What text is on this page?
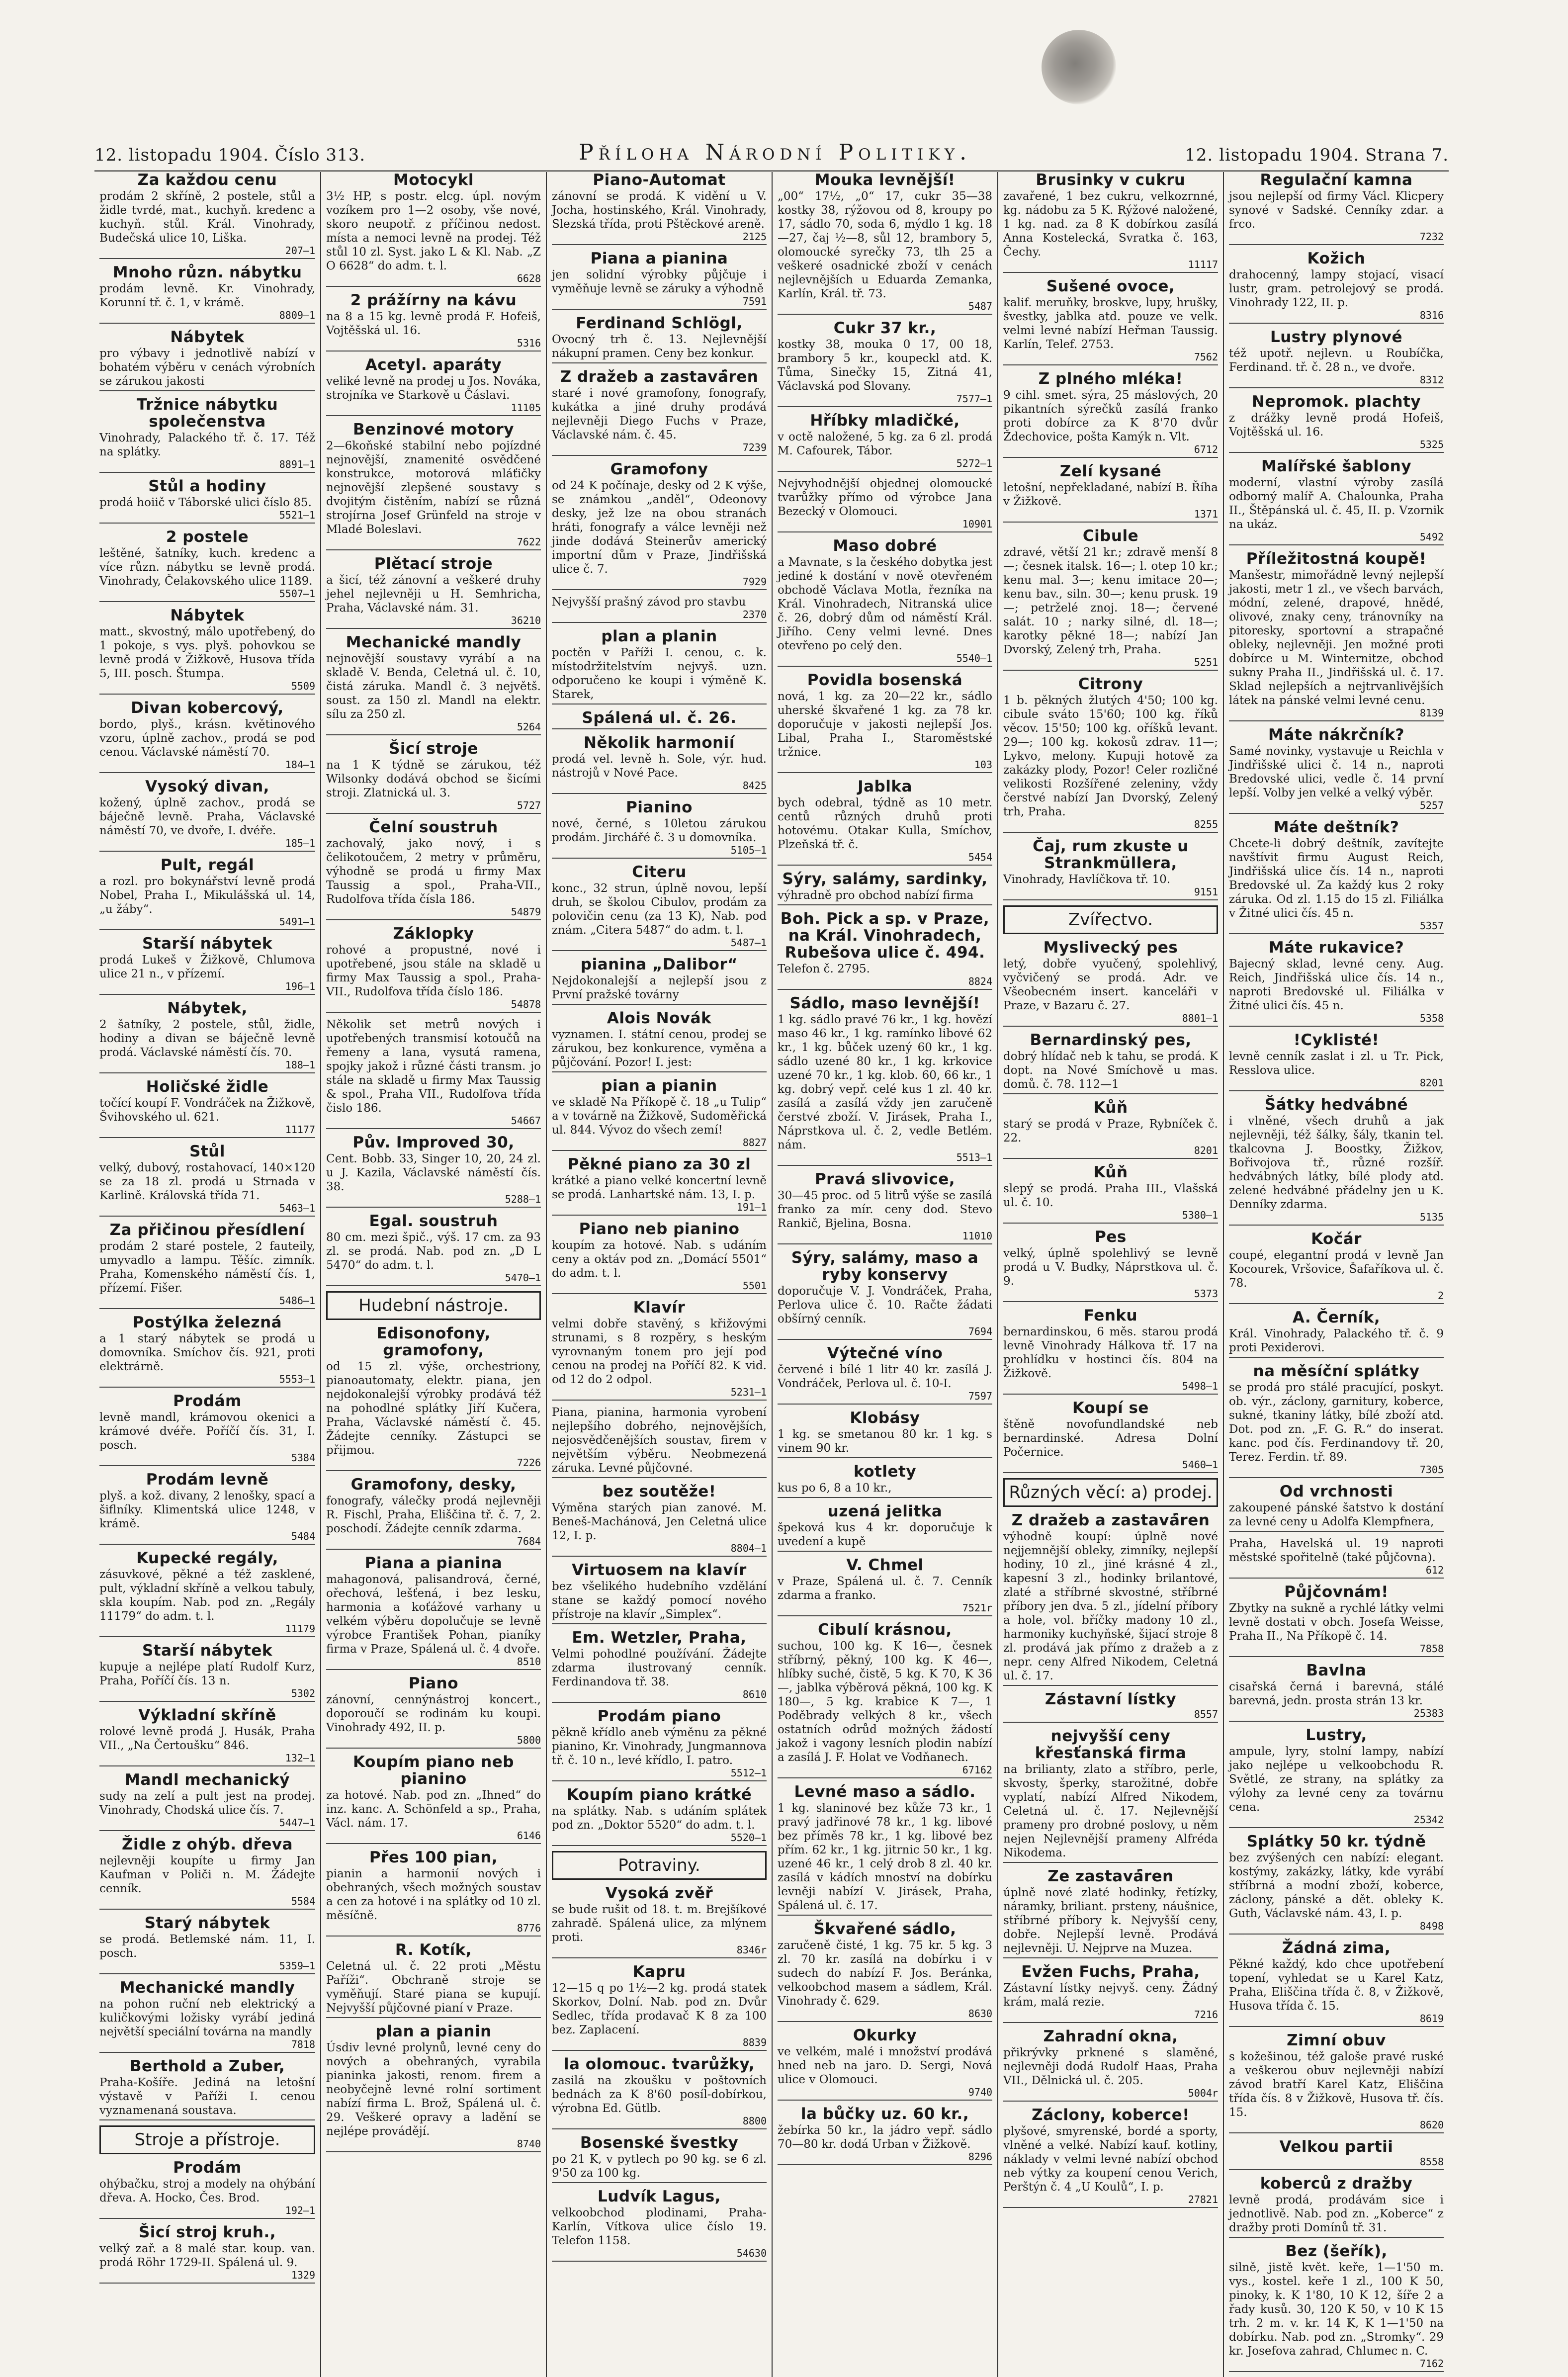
12. listopadu 1904. Číslo 313.	Příloha Národní Politiky.	12. listopadu 1904. Strana 7.
Za každou cenu

prodám 2 skříně, 2 postele, stůl a židle tvrdé, mat., kuchyň. kredenc a kuchyň. stůl. Král. Vinohrady, Budečská ulice 10, Liška.

207—1
Mnoho různ. nábytku

prodám levně. Kr. Vinohrady, Korunní tř. č. 1, v krámě.

8809—1
Nábytek

pro výbavy i jednotlivě nabízí v bohatém výběru v cenách výrobních se zárukou jakosti

Tržnice nábytku společenstva

Vinohrady, Palackého tř. č. 17. Též na splátky.

8891—1
Stůl a hodiny

prodá hoiič v Táborské ulici číslo 85.

5521—1
2 postele

leštěné, šatníky, kuch. kredenc a více různ. nábytku se levně prodá. Vinohrady, Čelakovského ulice 1189.

5507—1
Nábytek

matt., skvostný, málo upotřebený, do 1 pokoje, s vys. plyš. pohovkou se levně prodá v Žižkově, Husova třída 5, III. posch. Štumpa.

5509
Divan kobercový,

bordo, plyš., krásn. květinového vzoru, úplně zachov., prodá se pod cenou. Václavské náměstí 70.

184—1
Vysoký divan,

kožený, úplně zachov., prodá se báječně levně. Praha, Václavské náměstí 70, ve dvoře, I. dvéře.

185—1
Pult, regál

a rozl. pro bokynářství levně prodá Nobel, Praha I., Mikulášská ul. 14, „u žáby“.

5491—1
Starší nábytek

prodá Lukeš v Žižkově, Chlumova ulice 21 n., v přízemí.

196—1
Nábytek,

2 šatníky, 2 postele, stůl, židle, hodiny a divan se báječně levně prodá. Václavské náměstí čís. 70.

188—1
Holičské židle

točící koupí F. Vondráček na Žižkově, Švihovského ul. 621.

11177
Stůl

velký, dubový, rostahovací, 140×120 se za 18 zl. prodá u Strnada v Karlině. Královská třída 71.

5463—1
Za přičinou přesídlení

prodám 2 staré postele, 2 fauteily, umyvadlo a lampu. Těšíc. zimník. Praha, Komenského náměstí čís. 1, přízemí. Fišer.

5486—1
Postýlka železná

a 1 starý nábytek se prodá u domovníka. Smíchov čís. 921, proti elektrárně.

5553—1
Prodám

levně mandl, krámovou okenici a krámové dvéře. Poříčí čís. 31, I. posch.

5384
Prodám levně

plyš. a kož. divany, 2 lenošky, spací a šiflníky. Klimentská ulice 1248, v krámě.

5484
Kupecké regály,

zásuvkové, pěkné a též zasklené, pult, výkladní skříně a velkou tabuly, skla koupím. Nab. pod zn. „Regály 11179“ do adm. t. l.

11179
Starší nábytek

kupuje a nejlépe platí Rudolf Kurz, Praha, Poříčí čís. 13 n.

5302
Výkladní skříně

rolové levně prodá J. Husák, Praha VII., „Na Čertoušku“ 846.

132—1
Mandl mechanický

sudy na zelí a pult jest na prodej. Vinohrady, Chodská ulice čís. 7.

5447—1
Židle z ohýb. dřeva

nejlevněji koupíte u firmy Jan Kaufman v Poliči n. M. Žádejte cenník.

5584
Starý nábytek

se prodá. Betlemské nám. 11, I. posch.

5359—1
Mechanické mandly

na pohon ruční neb elektrický a kuličkovými ložisky vyrábí jediná největší speciální továrna na mandly

7818
Berthold a Zuber,

Praha-Košíře. Jediná na letošní výstavě v Paříži I. cenou vyznamenaná soustava.

Stroje a přístroje.
Prodám

ohýbačku, stroj a modely na ohýbání dřeva. A. Hocko, Čes. Brod.

192—1
Šicí stroj kruh.,

velký zař. a 8 malé star. koup. van. prodá Röhr 1729-II. Spálená ul. 9.

1329
Motocykl

3½ HP, s postr. elcg. úpl. novým vozíkem pro 1—2 osoby, vše nové, skoro neupotř. z příčinou nedost. místa a nemoci levně na prodej. Též stůl 10 zl. Syst. jako L & Kl. Nab. „Z O 6628“ do adm. t. l.

6628
2 prážírny na kávu

na 8 a 15 kg. levně prodá F. Hofeiš, Vojtěšská ul. 16.

5316
Acetyl. aparáty

veliké levně na prodej u Jos. Nováka, strojníka ve Starkově u Čáslavi.

11105
Benzinové motory

2—6koňské stabilní nebo pojízdné nejnovější, znamenité osvědčené konstrukce, motorová mláťičky nejnovější zlepšené soustavy s dvojitým čistěním, nabízí se různá strojírna Josef Grünfeld na stroje v Mladé Boleslavi.

7622
Plětací stroje

a šicí, též zánovní a veškeré druhy jehel nejlevněji u H. Semhricha, Praha, Václavské nám. 31.

36210
Mechanické mandly

nejnovější soustavy vyrábí a na skladě V. Benda, Celetná ul. č. 10, čistá záruka. Mandl č. 3 největš. soust. za 150 zl. Mandl na elektr. sílu za 250 zl.

5264
Šicí stroje

na 1 K týdně se zárukou, též Wilsonky dodává obchod se šicími stroji. Zlatnická ul. 3.

5727
Čelní soustruh

zachovalý, jako nový, i s čelikotoučem, 2 metry v průměru, výhodně se prodá u firmy Max Taussig a spol., Praha-VII., Rudolfova třída čísla 186.

54879
Záklopky

rohové a propustné, nové i upotřebené, jsou stále na skladě u firmy Max Taussig a spol., Praha-VII., Rudolfova třída číslo 186.

54878

Několik set metrů nových i upotřebených transmisí kotoučů na řemeny a lana, vysutá ramena, spojky jakož i různé části transm. jo stále na skladě u firmy Max Taussig & spol., Praha VII., Rudolfova třída čislo 186.

54667
Pův. Improved 30,

Cent. Bobb. 33, Singer 10, 20, 24 zl. u J. Kazila, Václavské náměstí čís. 38.

5288—1
Egal. soustruh

80 cm. mezi špič., výš. 17 cm. za 93 zl. se prodá. Nab. pod zn. „D L 5470“ do adm. t. l.

5470—1
Hudební nástroje.
Edisonofony, gramofony,

od 15 zl. výše, orchestriony, pianoautomaty, elektr. piana, jen nejdokonalejší výrobky prodává též na pohodlné splátky Jiří Kučera, Praha, Václavské náměstí č. 45. Žádejte cenníky. Zástupci se přijmou.

7226
Gramofony, desky,

fonografy, válečky prodá nejlevněji R. Fischl, Praha, Eliščina tř. č. 7, 2. poschodí. Žádejte cenník zdarma.

7684
Piana a pianina

mahagonová, palisandrová, černé, ořechová, lešťená, i bez lesku, harmonia a koťážové varhany u velkém výběru dopolučuje se levně výrobce František Pohan, pianíky firma v Praze, Spálená ul. č. 4 dvoře.

8510
Piano

zánovní, cennýnástroj koncert., doporoučí se rodinám ku koupi. Vinohrady 492, II. p.

5800
Koupím piano neb pianino

za hotové. Nab. pod zn. „Ihned“ do inz. kanc. A. Schönfeld a sp., Praha, Václ. nám. 17.

6146
Přes 100 pian,

pianin a harmonií nových i obehraných, všech možných soustav a cen za hotové i na splátky od 10 zl. měsíčně.

8776
R. Kotík,

Celetná ul. č. 22 proti „Městu Paříži“. Obchraně stroje se vyměňují. Staré piana se kupují. Nejvyšší půjčovné pianí v Praze.

plan a pianin

Úsdiv levné prolynů, levné ceny do nových a obehraných, vyrabila pianinka jakosti, renom. firem a neobyčejně levné rolní sortiment nabízí firma L. Brož, Spálená ul. č. 29. Veškeré opravy a ladění se nejlépe provádějí.

8740
Piano-Automat

zánovní se prodá. K vidění u V. Jocha, hostinského, Král. Vinohrady, Slezská třída, proti Pštěckové areně.

2125
Piana a pianina

jen solidní výrobky půjčuje i vyměňuje levně se záruky a výhodně

7591
Ferdinand Schlögl,

Ovocný trh č. 13. Nejlevnější nákupní pramen. Ceny bez konkur.

Z dražeb a zastavá̈ren

staré i nové gramofony, fonografy, kukátka a jiné druhy prodává nejlevněji Diego Fuchs v Praze, Václavské nám. č. 45.

7239
Gramofony

od 24 K počínaje, desky od 2 K výše, se známkou „anděl“, Odeonovy desky, jež lze na obou stranách hráti, fonografy a válce levněji než jinde dodává Steinerův americký importní dům v Praze, Jindřišská ulice č. 7.

7929

Nejvyšší prašný závod pro stavbu

2370
plan a planin

poctěn v Paříži I. cenou, c. k. místodržitelstvím nejvyš. uzn. odporučeno ke koupi i výměně K. Starek,

Spálená ul. č. 26.
Několik harmonií

prodá vel. levně h. Sole, výr. hud. nástrojů v Nové Pace.

8425
Pianino

nové, černé, s 10letou zárukou prodám. Jirchářé č. 3 u domovníka.

5105—1
Citeru

konc., 32 strun, úplně novou, lepší druh, se školou Cibulov, prodám za polovičin cenu (za 13 K), Nab. pod znám. „Citera 5487“ do adm. t. l.

5487—1
pianina „Dalibor“

Nejdokonalejší a nejlepší jsou z První pražské továrny

Alois Novák

vyznamen. I. státní cenou, prodej se zárukou, bez konkurence, vyměna a půjčování. Pozor! I. jest:

pian a pianin

ve skladě Na Příkopě č. 18 „u Tulip“ a v továrně na Žižkově, Sudoměřická ul. 844. Vývoz do všech zemí!

8827
Pěkné piano za 30 zl

krátké a piano velké koncertní levně se prodá. Lanhartské nám. 13, I. p.

191—1
Piano neb pianino

koupím za hotové. Nab. s udáním ceny a oktáv pod zn. „Domácí 5501“ do adm. t. l.

5501
Klavír

velmi dobře stavěný, s křižovými strunami, s 8 rozpěry, s heským vyrovnaným tonem pro její pod cenou na prodej na Poříčí 82. K vid. od 12 do 2 odpol.

5231—1

Piana, pianina, harmonia vyrobení nejlepšího dobrého, nejnovějších, nejosvědčenějších soustav, firem v největším výběru. Neobmezená záruka. Levné půjčovné.

bez soutěže!

Výměna starých pian zanové. M. Beneš-Machánová, Jen Celetná ulice 12, I. p.

8804—1
Virtuosem na klavír

bez všelikého hudebního vzdělání stane se každý pomocí nového přístroje na klavír „Simplex“.

Em. Wetzler, Praha,

Velmi pohodlné používání. Žádejte zdarma ilustrovaný cenník. Ferdinandova tř. 38.

8610
Prodám piano

pěkně křídlo aneb výměnu za pěkné pianino, Kr. Vinohrady, Jungmannova tř. č. 10 n., levé křídlo, I. patro.

5512—1
Koupím piano krátké

na splátky. Nab. s udáním splátek pod zn. „Doktor 5520“ do adm. t. l.

5520—1
Potraviny.
Vysoká zvěř

se bude rušit od 18. t. m. Brejšíkové zahradě. Spálená ulice, za mlýnem proti.

8346r
Kapru

12—15 q po 1½—2 kg. prodá statek Skorkov, Dolní. Nab. pod zn. Dvůr Sedlec, třída prodavač K 8 za 100 bez. Zaplacení.

8839
la olomouc. tvarůžky,

zasilá na zkoušku v poštovních bednách za K 8'60 posíl-dobírkou, výrobna Ed. Gütlb.

8800
Bosenské švestky

po 21 K, v pytlech po 90 kg. se 6 zl. 9'50 za 100 kg.

Ludvík Lagus,

velkoobchod plodinami, Praha-Karlín, Vítkova ulice číslo 19. Telefon 1158.

54630
Mouka levnější!

„00“ 17½, „0“ 17, cukr 35—38 kostky 38, rýžovou od 8, kroupy po 17, sádlo 70, soda 6, mýdlo 1 kg. 18—27, čaj ½—8, sůl 12, brambory 5, olomoucké syrečky 73, tlh 25 a veškeré osadnické zboží v cenách nejlevnějších u Eduarda Zemanka, Karlín, Král. tř. 73.

5487
Cukr 37 kr.,

kostky 38, mouka 0 17, 00 18, brambory 5 kr., koupeckl atd. K. Tůma, Sinečky 15, Zitná 41, Václavská pod Slovany.

7577—1
Hříbky mladičké,

v octě naložené, 5 kg. za 6 zl. prodá M. Cafourek, Tábor.

5272—1

Nejvyhodnější objednej olomoucké tvarůžky přímo od výrobce Jana Bezecký v Olomouci.

10901
Maso dobré

a Mavnate, s la českého dobytka jest jediné k dostání v nově otevřeném obchodě Václava Motla, řezníka na Král. Vinohradech, Nitranská ulice č. 26, dobrý dům od náměstí Král. Jiřího. Ceny velmi levné. Dnes otevřeno po celý den.

5540—1
Povidla bosenská

nová, 1 kg. za 20—22 kr., sádlo uherské škvařené 1 kg. za 78 kr. doporučuje v jakosti nejlepší Jos. Libal, Praha I., Staroměstské tržnice.

103
Jablka

bych odebral, týdně as 10 metr. centů různých druhů proti hotovému. Otakar Kulla, Smíchov, Plzeňská tř. č.

5454
Sýry, salámy, sardinky,

výhradně pro obchod nabízí firma

Boh. Pick a sp. v Praze, na Král. Vinohradech, Rubešova ulice č. 494.

Telefon č. 2795.

8824
Sádlo, maso levnější!

1 kg. sádlo pravé 76 kr., 1 kg. hovězí maso 46 kr., 1 kg. ramínko libové 62 kr., 1 kg. bůček uzený 60 kr., 1 kg. sádlo uzené 80 kr., 1 kg. krkovice uzené 70 kr., 1 kg. klob. 60, 66 kr., 1 kg. dobrý vepř. celé kus 1 zl. 40 kr. zasílá a zasílá vždy jen zaručeně čerstvé zboží. V. Jirásek, Praha I., Náprstkova ul. č. 2, vedle Betlém. nám.

5513—1
Pravá slivovice,

30—45 proc. od 5 litrů výše se zasílá franko za mír. ceny dod. Stevo Rankič, Bjelina, Bosna.

11010
Sýry, salámy, maso a ryby konservy

doporučuje V. J. Vondráček, Praha, Perlova ulice č. 10. Račte žádati obšírný cenník.

7694
Výtečné víno

červené i bílé 1 litr 40 kr. zasílá J. Vondráček, Perlova ul. č. 10-I.

7597
Klobásy

1 kg. se smetanou 80 kr. 1 kg. s vinem 90 kr.

kotlety

kus po 6, 8 a 10 kr.,

uzená jelitka

špeková kus 4 kr. doporučuje k uvedení a kupě

V. Chmel

v Praze, Spálená ul. č. 7. Cenník zdarma a franko.

7521r
Cibulí krásnou,

suchou, 100 kg. K 16—, česnek stříbrný, pěkný, 100 kg. K 46—, hlíbky suché, čistě, 5 kg. K 70, K 36—, jablka výběrová pěkná, 100 kg. K 180—, 5 kg. krabice K 7—, 1 Poděbrady velkých 8 kr., všech ostatních odrůd možných žádostí jakož i vagony lesních plodin nabízí a zasílá J. F. Holat ve Vodňanech.

67162
Levné maso a sádlo.

1 kg. slaninové bez kůže 73 kr., 1 pravý jadřinové 78 kr., 1 kg. libové bez příměs 78 kr., 1 kg. libové bez přím. 62 kr., 1 kg. jitrnic 50 kr., 1 kg. uzené 46 kr., 1 celý drob 8 zl. 40 kr. zasílá v kádích mnoství na dobírku levněji nabízí V. Jirásek, Praha, Spálená ul. č. 17.

Škvařené sádlo,

zaručeně čisté, 1 kg. 75 kr. 5 kg. 3 zl. 70 kr. zasílá na dobírku i v sudech do nabízí F. Jos. Beránka, velkoobchod masem a sádlem, Král. Vinohrady č. 629.

8630
Okurky

ve velkém, malé i množství prodává hned neb na jaro. D. Sergi, Nová ulice v Olomouci.

9740
la bůčky uz. 60 kr.,

žebírka 50 kr., la jádro vepř. sádlo 70—80 kr. dodá Urban v Žižkově.

8296
Brusinky v cukru

zavařené, 1 bez cukru, velkozrnné, kg. nádobu za 5 K. Rýžové naložené, 1 kg. nad. za 8 K dobírkou zasílá Anna Kostelecká, Svratka č. 163, Čechy.

11117
Sušené ovoce,

kalif. meruňky, broskve, lupy, hrušky, švestky, jablka atd. pouze ve velk. velmi levné nabízí Heřman Taussig. Karlín, Telef. 2753.

7562
Z plného mléka!

9 cihl. smet. sýra, 25 máslových, 20 pikantních sýrečků zasílá franko proti dobírce za K 8'70 dvůr Ždechovice, pošta Kamýk n. Vlt.

6712
Zelí kysané

letošní, nepřekladané, nabízí B. Říha v Žižkově.

1371
Cibule

zdravé, větší 21 kr.; zdravě menší 8—; česnek italsk. 16—; l. otep 10 kr.; kenu mal. 3—; kenu imitace 20—; kenu bav., siln. 30—; kenu prusk. 19—; petrželé znoj. 18—; červené salát. 10 ; narky silné, dl. 18—; karotky pěkné 18—; nabízí Jan Dvorský, Zelený trh, Praha.

5251
Citrony

1 b. pěkných žlutých 4'50; 100 kg. cibule sváto 15'60; 100 kg. říků věcov. 15'50; 100 kg. oříšků levant. 29—; 100 kg. kokosů zdrav. 11—; Lykvo, melony. Kupuji hotově za zakázky plody, Pozor! Celer rozličné velikosti Rozšířené zeleniny, vždy čerstvé nabízí Jan Dvorský, Zelený trh, Praha.

8255
Čaj, rum zkuste u Strankmüllera,

Vinohrady, Havlíčkova tř. 10.

9151
Zvířectvo.
Myslivecký pes

letý, dobře vyučený, spolehlivý, vyčvičený se prodá. Adr. ve Všeobecném insert. kanceláři v Praze, v Bazaru č. 27.

8801—1
Bernardinský pes,

dobrý hlídač neb k tahu, se prodá. K dopt. na Nové Smíchově u mas. domů. č. 78. 112—1

Kůň

starý se prodá v Praze, Rybníček č. 22.

8201
Kůň

slepý se prodá. Praha III., Vlašská ul. č. 10.

5380—1
Pes

velký, úplně spolehlivý se levně prodá u V. Budky, Náprstkova ul. č. 9.

5373
Fenku

bernardinskou, 6 měs. starou prodá levně Vinohrady Hálkova tř. 17 na prohlídku v hostinci čís. 804 na Žižkově.

5498—1
Koupí se

štěně novofundlandské neb bernardinské. Adresa Dolní Počernice.

5460—1
Různých věcí: a) prodej.
Z dražeb a zastavá̈ren

výhodně koupí: úplně nové nejjemnější obleky, zimníky, nejlepší hodiny, 10 zl., jiné krásné 4 zl., kapesní 3 zl., hodinky brilantové, zlaté a stříbrné skvostné, stříbrné příbory jen dva. 5 zl., jídelní příbory a hole, vol. bříčky madony 10 zl., harmoniky kuchyňské, šijací stroje 8 zl. prodává jak přímo z dražeb a z nepr. ceny Alfred Nikodem, Celetná ul. č. 17.

Zástavní lístky
8557
nejvyšší ceny křesťanská firma

na brilianty, zlato a stříbro, perle, skvosty, šperky, starožitné, dobře vyplatí, nabízí Alfred Nikodem, Celetná ul. č. 17. Nejlevnější prameny pro drobné poslovy, u něm nejen Nejlevnější prameny Alfréda Nikodema.

Ze zastavá̈ren

úplně nové zlaté hodinky, řetízky, náramky, briliant. prsteny, náušnice, stříbrné příbory k. Nejvyšší ceny, dobře. Nejlepší levně. Prodává nejlevněji. U. Nejprve na Muzea.

Evžen Fuchs, Praha,

Zástavní lístky nejvyš. ceny. Žádný krám, malá rezie.

7216
Zahradní okna,

přikrývky prknené s slaměné, nejlevněji dodá Rudolf Haas, Praha VII., Dělnická ul. č. 205.

5004r
Záclony, koberce!

plyšové, smyrenské, bordé a sporty, vlněné a velké. Nabízí kauf. kotliny, náklady v velmi levné nabízí obchod neb výtky za koupení cenou Verich, Perštýn č. 4 „U Koulů“, I. p.

27821
Regulační kamna

jsou nejlepší od firmy Václ. Klicpery synové v Sadské. Cenníky zdar. a frco.

7232
Kožich

drahocenný, lampy stojací, visací lustr, gram. petrolejový se prodá. Vinohrady 122, II. p.

8316
Lustry plynové

též upotř. nejlevn. u Roubíčka, Ferdinand. tř. č. 28 n., ve dvoře.

8312
Nepromok. plachty

z drážky levně prodá Hofeiš, Vojtěšská ul. 16.

5325
Malířské šablony

moderní, vlastní výroby zasílá odborný malíř A. Chalounka, Praha II., Štěpánská ul. č. 45, II. p. Vzornik na ukáz.

5492
Příležitostná koupě!

Manšestr, mimořádně levný nejlepší jakosti, metr 1 zl., ve všech barvách, módní, zelené, drapové, hnědé, olivové, znaky ceny, tránovníky na pitoresky, sportovní a strapačné obleky, nejlevněji. Jen možné proti dobírce u M. Winternitze, obchod sukny Praha II., Jindřišská ul. č. 17. Sklad nejlepších a nejtrvanlivějších látek na pánské velmi levné cenu.

8139
Máte nákrčník?

Samé novinky, vystavuje u Reichla v Jindřišské ulici č. 14 n., naproti Bredovské ulici, vedle č. 14 první lepší. Volby jen velké a velký výběr.

5257
Máte deštník?

Chcete-li dobrý deštník, zavítejte navštívit firmu August Reich, Jindřišská ulice čís. 14 n., naproti Bredovské ul. Za každý kus 2 roky záruka. Od zl. 1.15 do 15 zl. Filiálka v Žitné ulici čís. 45 n.

5357
Máte rukavice?

Bajecný sklad, levné ceny. Aug. Reich, Jindřišská ulice čís. 14 n., naproti Bredovské ul. Filiálka v Žitné ulici čís. 45 n.

5358
!Cyklisté!

levně cenník zaslat i zl. u Tr. Pick, Resslova ulice.

8201
Šátky hedvábné

i vlněné, všech druhů a jak nejlevněji, též šálky, šály, tkanin tel. tkalcovna J. Boostky, Žižkov, Bořivojova tř., různé rozšíř. hedvábných látky, bílé plody atd. zelené hedvábné přádelny jen u K. Denníky zdarma.

5135
Kočár

coupé, elegantní prodá v levně Jan Kocourek, Vršovice, Šafaříkova ul. č. 78.

2
A. Černík,

Král. Vinohrady, Palackého tř. č. 9 proti Pexiderovi.

na měsíční splátky

se prodá pro stálé pracující, poskyt. ob. výr., záclony, garnitury, koberce, sukné, tkaniny látky, bílé zboží atd. Dot. pod zn. „F. G. R.“ do inserat. kanc. pod čís. Ferdinandovy tř. 20, Terez. Ferdin. tř. 89.

7305
Od vrchnosti

zakoupené pánské šatstvo k dostání za levné ceny u Adolfa Klempfnera,

Praha, Havelská ul. 19 naproti městské spořitelně (také půjčovna).

612
Půjčovnám!

Zbytky na sukně a rychlé látky velmi levně dostati v obch. Josefa Weisse, Praha II., Na Příkopě č. 14.

7858
Bavlna

cisařská černá i barevná, stálé barevná, jedn. prosta strán 13 kr.

25383
Lustry,

ampule, lyry, stolní lampy, nabízí jako nejlépe u velkoobchodu R. Světlé, ze strany, na splátky za výlohy za levné ceny za továrnu cena.

25342
Splátky 50 kr. týdně

bez zvýšených cen nabízí: elegant. kostýmy, zakázky, látky, kde vyrábí stříbrná a modní zboží, koberce, záclony, pánské a dět. obleky K. Guth, Václavské nám. 43, I. p.

8498
Žádná zima,

Pěkné každý, kdo chce upotřebení topení, vyhledat se u Karel Katz, Praha, Eliščina třída č. 8, v Žižkově, Husova třída č. 15.

8619
Zimní obuv

s kožešinou, též galoše pravé ruské a veškerou obuv nejlevněji nabízí závod bratří Karel Katz, Eliščina třída čís. 8 v Žižkově, Husova tř. čís. 15.

8620
Velkou partii
8558
koberců z dražby

levně prodá, prodávám sice i jednotlivě. Nab. pod zn. „Koberce“ z dražby proti Domínů tř. 31.

Bez (šeřík),

silně, jistě květ. keře, 1—1'50 m. vys., kostel. keře 1 zl., 100 K 50, pinoky, k. K 1'80, 10 K 12, šíře 2 a řady kusů. 30, 120 K 50, v 10 K 15 trh. 2 m. v. kr. 14 K, K 1—1'50 na dobírku. Nab. pod zn. „Stromky“. 29 kr. Josefova zahrad, Chlumec n. C.

7162
